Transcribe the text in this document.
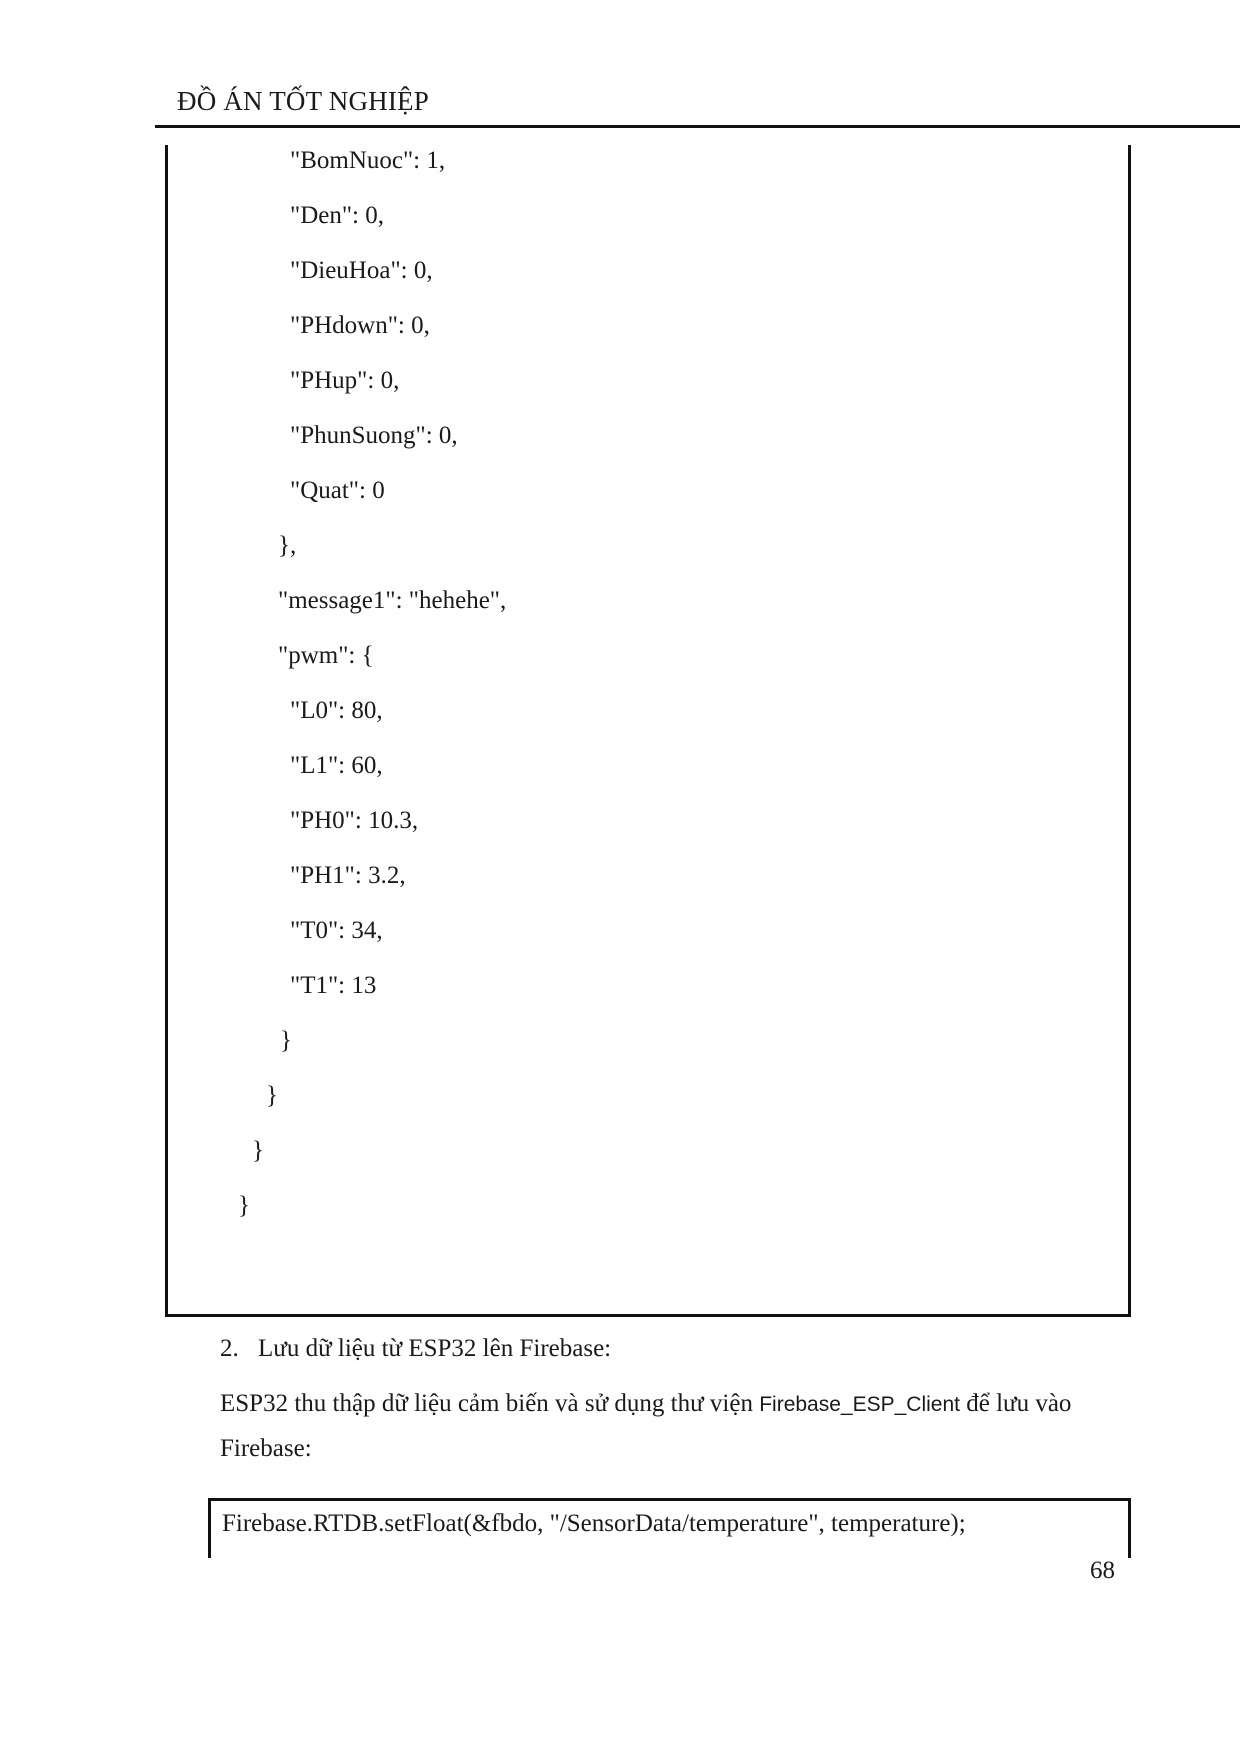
ĐỒ ÁN TỐT NGHIỆP
"BomNuoc": 1,
"Den": 0,
"DieuHoa": 0,
"PHdown": 0,
"PHup": 0,
"PhunSuong": 0,
"Quat": 0
},
"message1": "hehehe",
"pwm": {
"L0": 80,
"L1": 60,
"PH0": 10.3,
"PH1": 3.2,
"T0": 34,
"T1": 13
}
}
}
}
2. Lưu dữ liệu từ ESP32 lên Firebase:
ESP32 thu thập dữ liệu cảm biến và sử dụng thư viện Firebase_ESP_Client để lưu vào
Firebase:
Firebase.RTDB.setFloat(&fbdo, "/SensorData/temperature", temperature);
68
